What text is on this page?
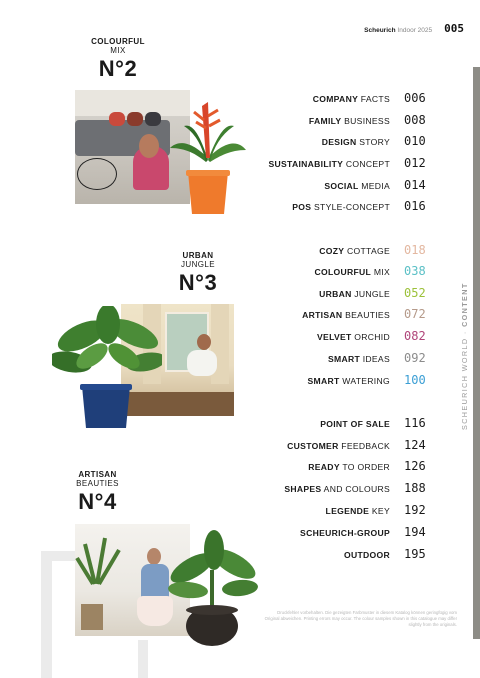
Scheurich Indoor 2025 005
SCHEURICH WORLD · CONTENT
COLOURFUL
MIX
N°2
URBAN
JUNGLE
N°3
ARTISAN
BEAUTIES
N°4
COMPANY FACTS 006
FAMILY BUSINESS 008
DESIGN STORY 010
SUSTAINABILITY CONCEPT 012
SOCIAL MEDIA 014
POS STYLE-CONCEPT 016
COZY COTTAGE 018
COLOURFUL MIX 038
URBAN JUNGLE 052
ARTISAN BEAUTIES 072
VELVET ORCHID 082
SMART IDEAS 092
SMART WATERING 100
POINT OF SALE 116
CUSTOMER FEEDBACK 124
READY TO ORDER 126
SHAPES AND COLOURS 188
LEGENDE KEY 192
SCHEURICH-GROUP 194
OUTDOOR 195
Druckfehler vorbehalten. Die gezeigten Farbmuster in diesem Katalog können geringfügig vom Original abweichen. Printing errors may occur. The colour samples shown in this catalogue may differ slightly from the originals.
